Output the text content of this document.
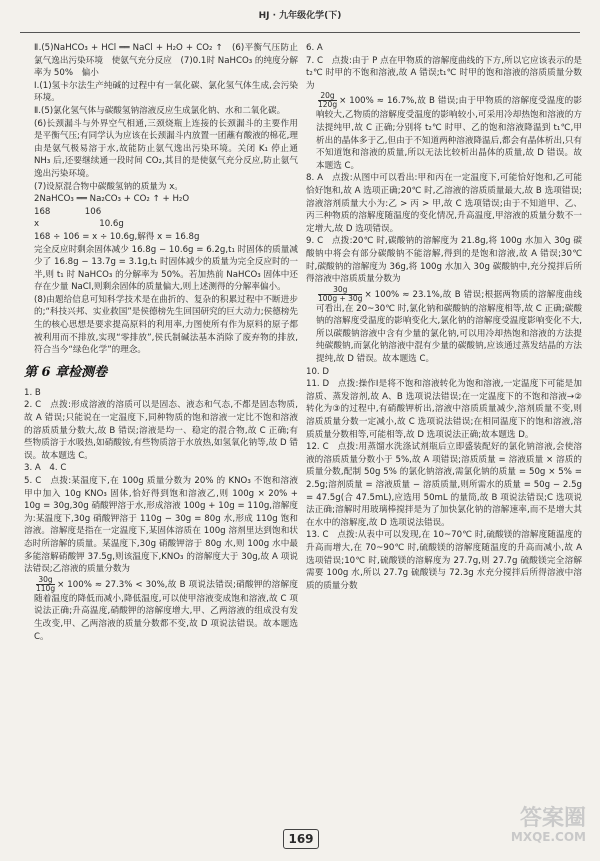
HJ · 九年级化学(下)

Ⅱ.(5)NaHCO₃ + HCl ══ NaCl + H₂O + CO₂ ↑　(6)平衡气压防止氯气逸出污染环境　使氨气充分反应　(7)0.1时 NaHCO₃ 的纯度分解率为 50%　偏小

Ⅰ.(1)氢卡尔法生产纯碱的过程中有一氧化碳、氯化氢气体生成,会污染环境。

Ⅱ.(5)氯化氢气体与碳酸氢钠溶液反应生成氯化钠、水和二氧化碳。

(6)长颈漏斗与外界空气相通,三颈烧瓶上连接的长颈漏斗的主要作用是平衡气压;有同学认为应该在长颈漏斗内放置一团蘸有酸液的棉花,理由是氨气极易溶于水,故能防止氨气逸出污染环境。关闭 K₁ 停止通 NH₃ 后,还要继续通一段时间 CO₂,其目的是使氨气充分反应,防止氨气逸出污染环境。

(7)设原混合物中碳酸氢钠的质量为 x。

2NaHCO₃ ══ Na₂CO₃ + CO₂ ↑ + H₂O

168　　　　106

x　　　　　　　10.6g

168 ÷ 106 = x ÷ 10.6g,解得 x = 16.8g

完全反应时剩余固体减少 16.8g − 10.6g = 6.2g,t₁ 时固体的质量减少了 16.8g − 13.7g = 3.1g,t₁ 时固体减少的质量为完全反应时的一半,则 t₁ 时 NaHCO₃ 的分解率为 50%。若加热前 NaHCO₃ 固体中还存在少量 NaCl,则剩余固体的质量偏大,则上述测得的分解率偏小。

(8)由题给信息可知科学技术是在曲折的、复杂的积累过程中不断进步的;“科技兴邦、实业救国”是侯德榜先生回国研究的巨大动力;侯德榜先生的核心思想是要求提高原料的利用率,力图使所有作为原料的原子都被利用而不排放,实现“零排放”,侯氏制碱法基本消除了废弃物的排放,符合当今“绿色化学”的理念。

第 6 章检测卷

1. B

2. C　点拨:形成溶液的溶质可以是固态、液态和气态,不都是固态物质,故 A 错误;只能说在一定温度下,同种物质的饱和溶液一定比不饱和溶液的溶质质量分数大,故 B 错误;溶液是均一、稳定的混合物,故 C 正确;有些物质溶于水吸热,如硝酸铵,有些物质溶于水放热,如氢氧化钠等,故 D 错误。故本题选 C。

3. A　4. C

5. C　点拨:某温度下,在 100g 质量分数为 20% 的 KNO₃ 不饱和溶液甲中加入 10g KNO₃ 固体,恰好得到饱和溶液乙,则 100g × 20% + 10g = 30g,30g 硝酸钾溶于水,形成溶液 100g + 10g = 110g,溶解度为:某温度下,30g 硝酸钾溶于 110g − 30g = 80g 水,形成 110g 饱和溶液。溶解度是指在一定温度下,某固体溶质在 100g 溶剂里达到饱和状态时所溶解的质量。某温度下,30g 硝酸钾溶于 80g 水,则 100g 水中最多能溶解硝酸钾 37.5g,则该温度下,KNO₃ 的溶解度大于 30g,故 A 项说法错误;乙溶液的质量分数为

$\frac{30g}{110g} \times 100\% \approx 27.3\% < 30\%$,故 B 项说法错误;硝酸钾的溶解度随着温度的降低而减小,降低温度,可以使甲溶液变成饱和溶液,故 C 项说法正确;升高温度,硝酸钾的溶解度增大,甲、乙两溶液的组成没有发生改变,甲、乙两溶液的质量分数都不变,故 D 项说法错误。故本题选 C。

6. A

7. C　点拨:由于 P 点在甲物质的溶解度曲线的下方,所以它应该表示的是 t₂℃ 时甲的不饱和溶液,故 A 错误;t₁℃ 时甲的饱和溶液的溶质质量分数为

$\frac{20g}{120g} \times 100\% \approx 16.7\%$,故 B 错误;由于甲物质的溶解度受温度的影响较大,乙物质的溶解度受温度的影响较小,可采用冷却热饱和溶液的方法提纯甲,故 C 正确;分别将 t₂℃ 时甲、乙的饱和溶液降温到 t₁℃,甲析出的晶体多于乙,但由于不知道两种溶液降温后,都会有晶体析出,只有不知道饱和溶液的质量,所以无法比较析出晶体的质量,故 D 错误。故本题选 C。

8. A　点拨:从图中可以看出:甲和丙在一定温度下,可能恰好饱和,乙可能恰好饱和,故 A 选项正确;20℃ 时,乙溶液的溶质质量最大,故 B 选项错误;溶液溶剂质量大小为:乙 > 丙 > 甲,故 C 选项错误;由于不知道甲、乙、丙三种物质的溶解度随温度的变化情况,升高温度,甲溶液的质量分数不一定增大,故 D 选项错误。

9. C　点拨:20℃ 时,碳酸钠的溶解度为 21.8g,将 100g 水加入 30g 碳酸钠中将会有部分碳酸钠不能溶解,得到的是饱和溶液,故 A 错误;30℃ 时,碳酸钠的溶解度为 36g,将 100g 水加入 30g 碳酸钠中,充分搅拌后所得溶液中溶质质量分数为

$\frac{30g}{100g + 30g} \times 100\% \approx 23.1\%$,故 B 错误;根据两物质的溶解度曲线可看出,在 20~30℃ 时,氯化钠和碳酸钠的溶解度相等,故 C 正确;碳酸钠的溶解度受温度的影响变化大,氯化钠的溶解度受温度影响变化不大,所以碳酸钠溶液中含有少量的氯化钠,可以用冷却热饱和溶液的方法提纯碳酸钠,而氯化钠溶液中混有少量的碳酸钠,应该通过蒸发结晶的方法提纯,故 D 错误。故本题选 C。

10. D

11. D　点拨:操作Ⅰ是将不饱和溶液转化为饱和溶液,一定温度下可能是加溶质、蒸发溶剂,故 A、B 选项说法错误;在一定温度下的不饱和溶液→②转化为③的过程中,有硝酸钾析出,溶液中溶质质量减少,溶剂质量不变,则溶质质量分数一定减小,故 C 选项说法错误;在相同温度下的饱和溶液,溶质质量分数相等,可能相等,故 D 选项说法正确;故本题选 D。

12. C　点拨:用蒸馏水洗涤试剂瓶后立即盛装配好的氯化钠溶液,会使溶液的溶质质量分数小于 5%,故 A 项错误;溶质质量 = 溶液质量 × 溶质的质量分数,配制 50g 5% 的氯化钠溶液,需氯化钠的质量 = 50g × 5% = 2.5g;溶剂质量 = 溶液质量 − 溶质质量,则所需水的质量 = 50g − 2.5g = 47.5g(合 47.5mL),应选用 50mL 的量筒,故 B 项说法错误;C 选项说法正确;溶解时用玻璃棒搅拌是为了加快氯化钠的溶解速率,而不是增大其在水中的溶解度,故 D 选项说法错误。

13. C　点拨:从表中可以发现,在 10~70℃ 时,硫酸镁的溶解度随温度的升高而增大,在 70~90℃ 时,硫酸镁的溶解度随温度的升高而减小,故 A 选项错误;10℃ 时,硫酸镁的溶解度为 27.7g,则 27.7g 硫酸镁完全溶解需要 100g 水,所以 27.7g 硫酸镁与 72.3g 水充分搅拌后所得溶液中溶质的质量分数

169
答案圈
MXQE.COM
